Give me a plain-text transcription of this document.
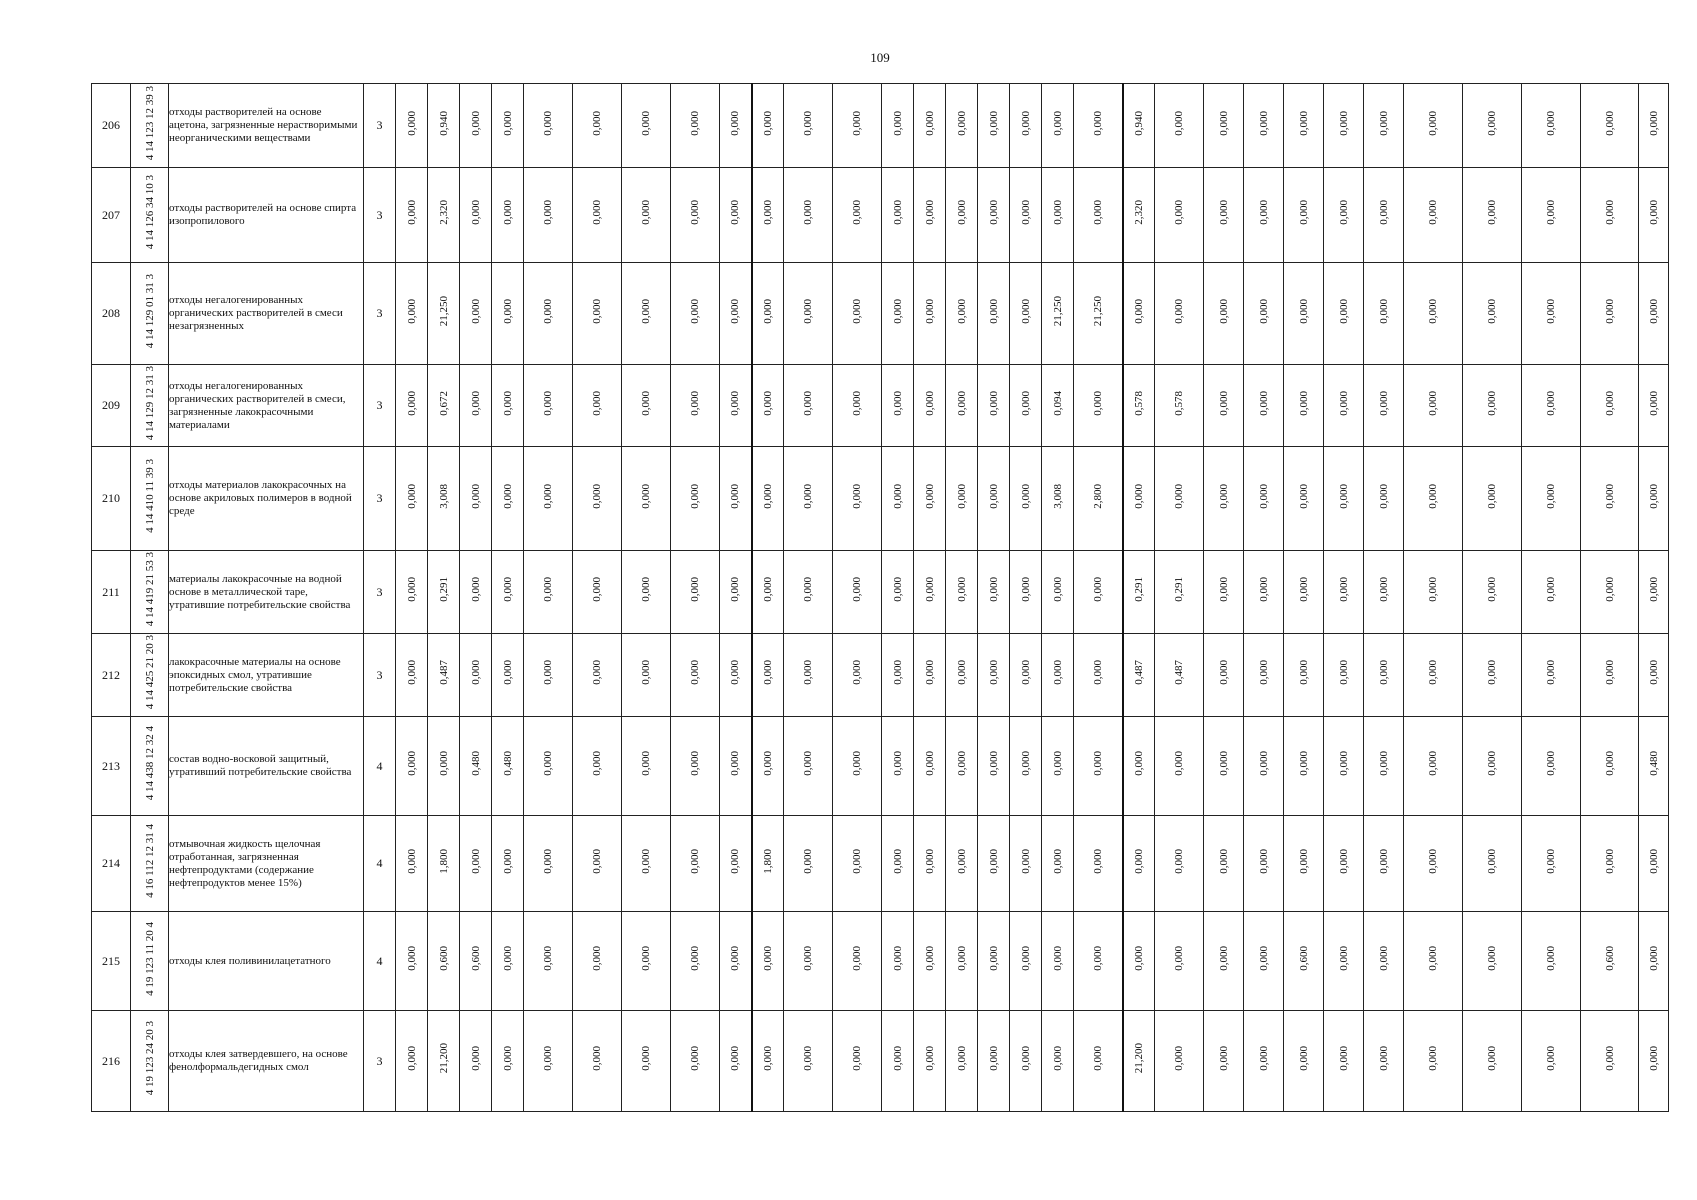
109
206	4 14 123 12 39 3	отходы растворителей на основе ацетона, загрязненные нерастворимыми неорганическими веществами	3	0,000	0,940	0,000	0,000	0,000	0,000	0,000	0,000	0,000	0,000	0,000	0,000	0,000	0,000	0,000	0,000	0,000	0,000	0,000	0,940	0,000	0,000	0,000	0,000	0,000	0,000	0,000	0,000	0,000	0,000	0,000
207	4 14 126 34 10 3	отходы растворителей на основе спирта изопропилового	3	0,000	2,320	0,000	0,000	0,000	0,000	0,000	0,000	0,000	0,000	0,000	0,000	0,000	0,000	0,000	0,000	0,000	0,000	0,000	2,320	0,000	0,000	0,000	0,000	0,000	0,000	0,000	0,000	0,000	0,000	0,000
208	4 14 129 01 31 3	отходы негалогенированных органических растворителей в смеси незагрязненных	3	0,000	21,250	0,000	0,000	0,000	0,000	0,000	0,000	0,000	0,000	0,000	0,000	0,000	0,000	0,000	0,000	0,000	21,250	21,250	0,000	0,000	0,000	0,000	0,000	0,000	0,000	0,000	0,000	0,000	0,000	0,000
209	4 14 129 12 31 3	отходы негалогенированных органических растворителей в смеси, загрязненные лакокрасочными материалами	3	0,000	0,672	0,000	0,000	0,000	0,000	0,000	0,000	0,000	0,000	0,000	0,000	0,000	0,000	0,000	0,000	0,000	0,094	0,000	0,578	0,578	0,000	0,000	0,000	0,000	0,000	0,000	0,000	0,000	0,000	0,000
210	4 14 410 11 39 3	отходы материалов лакокрасочных на основе акриловых полимеров в водной среде	3	0,000	3,008	0,000	0,000	0,000	0,000	0,000	0,000	0,000	0,000	0,000	0,000	0,000	0,000	0,000	0,000	0,000	3,008	2,800	0,000	0,000	0,000	0,000	0,000	0,000	0,000	0,000	0,000	0,000	0,000	0,000
211	4 14 419 21 53 3	материалы лакокрасочные на водной основе в металлической таре, утратившие потребительские свойства	3	0,000	0,291	0,000	0,000	0,000	0,000	0,000	0,000	0,000	0,000	0,000	0,000	0,000	0,000	0,000	0,000	0,000	0,000	0,000	0,291	0,291	0,000	0,000	0,000	0,000	0,000	0,000	0,000	0,000	0,000	0,000
212	4 14 425 21 20 3	лакокрасочные материалы на основе эпоксидных смол, утратившие потребительские свойства	3	0,000	0,487	0,000	0,000	0,000	0,000	0,000	0,000	0,000	0,000	0,000	0,000	0,000	0,000	0,000	0,000	0,000	0,000	0,000	0,487	0,487	0,000	0,000	0,000	0,000	0,000	0,000	0,000	0,000	0,000	0,000
213	4 14 438 12 32 4	состав водно-восковой защитный, утративший потребительские свойства	4	0,000	0,000	0,480	0,480	0,000	0,000	0,000	0,000	0,000	0,000	0,000	0,000	0,000	0,000	0,000	0,000	0,000	0,000	0,000	0,000	0,000	0,000	0,000	0,000	0,000	0,000	0,000	0,000	0,000	0,000	0,480
214	4 16 112 12 31 4	отмывочная жидкость щелочная отработанная, загрязненная нефтепродуктами (содержание нефтепродуктов менее 15%)	4	0,000	1,800	0,000	0,000	0,000	0,000	0,000	0,000	0,000	1,800	0,000	0,000	0,000	0,000	0,000	0,000	0,000	0,000	0,000	0,000	0,000	0,000	0,000	0,000	0,000	0,000	0,000	0,000	0,000	0,000	0,000
215	4 19 123 11 20 4	отходы клея поливинилацетатного	4	0,000	0,600	0,600	0,000	0,000	0,000	0,000	0,000	0,000	0,000	0,000	0,000	0,000	0,000	0,000	0,000	0,000	0,000	0,000	0,000	0,000	0,000	0,000	0,600	0,000	0,000	0,000	0,000	0,000	0,600	0,000
216	4 19 123 24 20 3	отходы клея затвердевшего, на основе фенолформальдегидных смол	3	0,000	21,200	0,000	0,000	0,000	0,000	0,000	0,000	0,000	0,000	0,000	0,000	0,000	0,000	0,000	0,000	0,000	0,000	0,000	21,200	0,000	0,000	0,000	0,000	0,000	0,000	0,000	0,000	0,000	0,000	0,000
